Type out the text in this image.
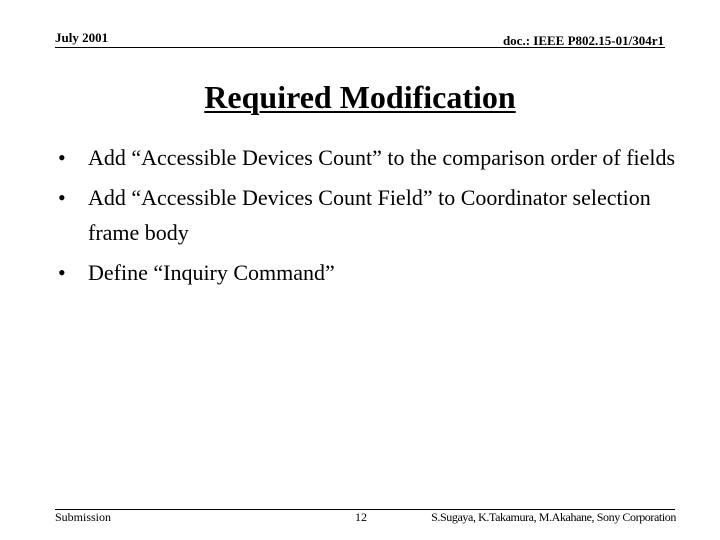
July 2001	doc.: IEEE P802.15-01/304r1
Required Modification
•	Add “Accessible Devices Count” to the comparison order of fields
•	Add “Accessible Devices Count Field” to Coordinator selection frame body
•	Define “Inquiry Command”
Submission	12	S.Sugaya, K.Takamura, M.Akahane, Sony Corporation
